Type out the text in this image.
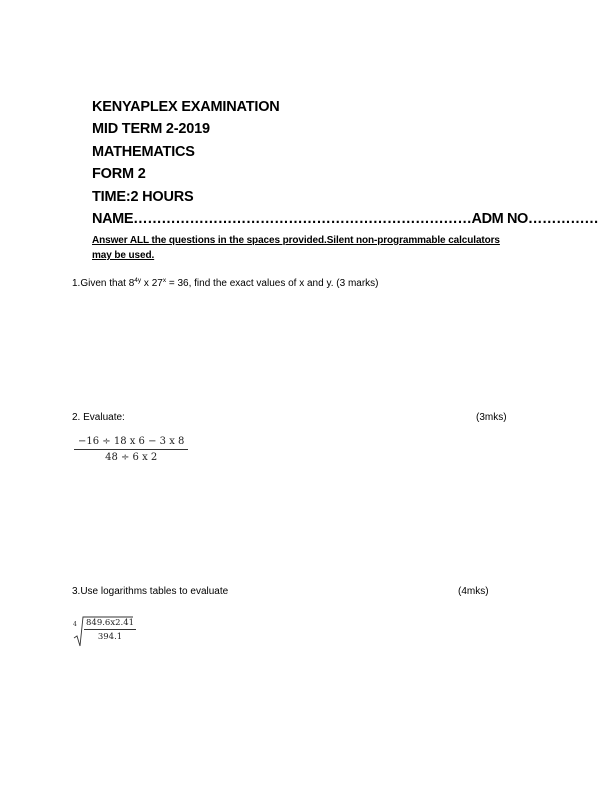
KENYAPLEX EXAMINATION
MID TERM 2-2019
MATHEMATICS
FORM 2
TIME:2 HOURS
NAME………………………………………………………………ADM NO……………
Answer ALL the questions in the spaces provided.Silent non-programmable calculators
may be used.
1.Given that $8^{4y}$ x $27^x = 36$, find the exact values of x and y. (3 marks)
2. Evaluate:	(3mks)
$\frac{-16 \div 18 x 6 - 3 x 8}{48 \div 6 x 2}$
3.Use logarithms tables to evaluate	(4mks)
$4 \frac{849.6x2.41}{394.1}$
